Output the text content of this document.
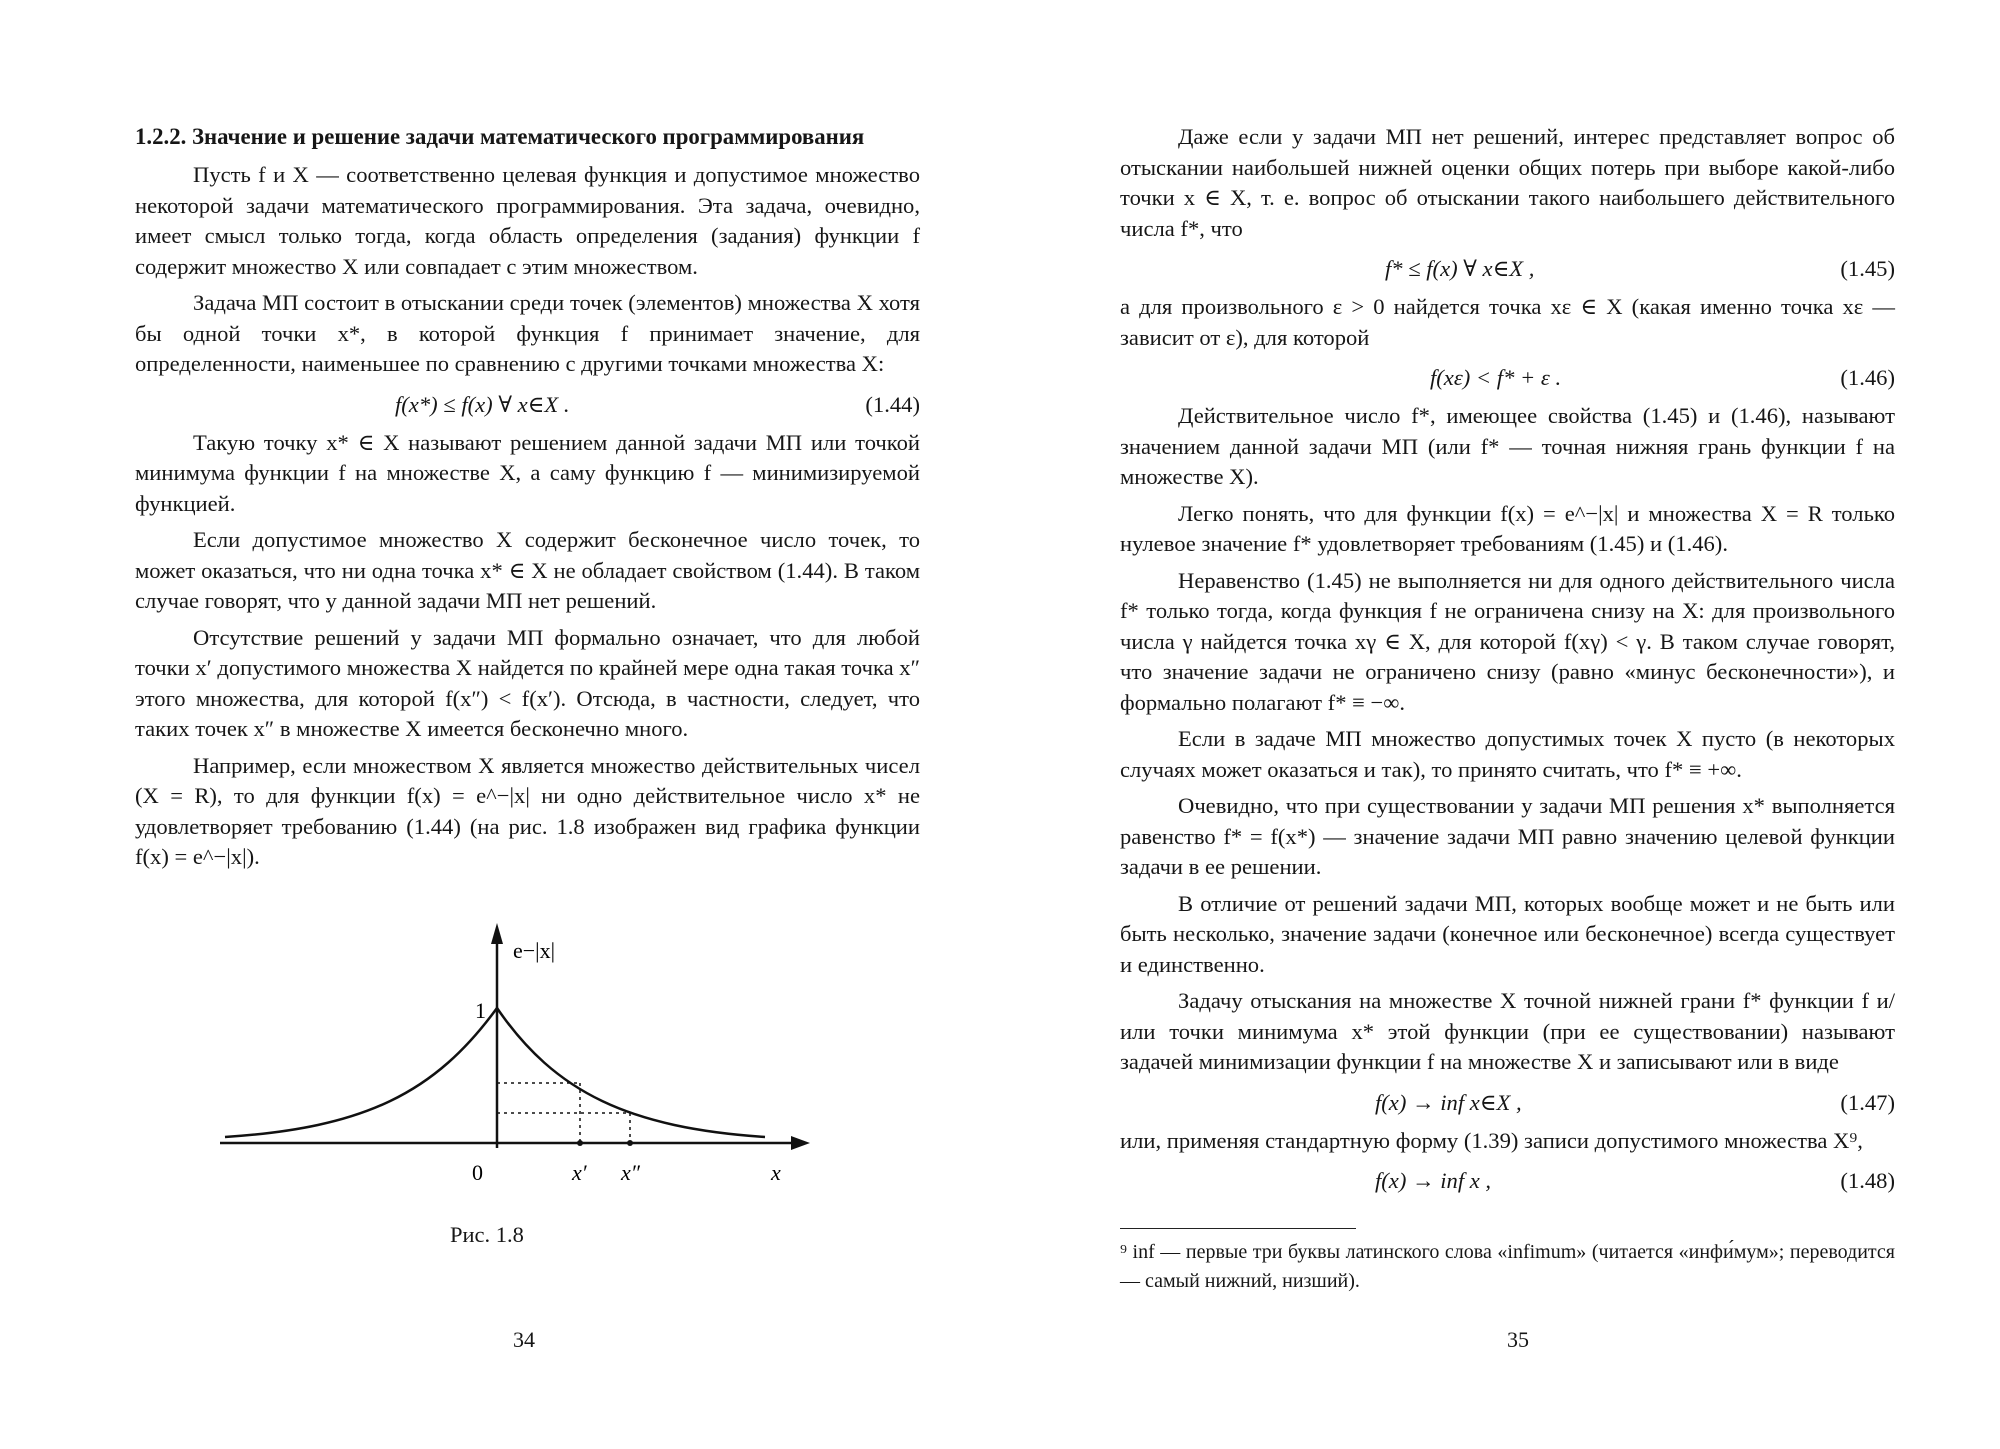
1.2.2. Значение и решение задачи математического программирования

Пусть f и X — соответственно целевая функция и допустимое множество некоторой задачи математического программирования. Эта задача, очевидно, имеет смысл только тогда, когда область определения (задания) функции f содержит множество X или совпадает с этим множеством.

Задача МП состоит в отыскании среди точек (элементов) множества X хотя бы одной точки x*, в которой функция f принимает значение, для определенности, наименьшее по сравнению с другими точками множества X:

f(x*) ≤ f(x) ∀ x∈X .	(1.44)

Такую точку x* ∈ X называют решением данной задачи МП или точкой минимума функции f на множестве X, а саму функцию f — минимизируемой функцией.

Если допустимое множество X содержит бесконечное число точек, то может оказаться, что ни одна точка x* ∈ X не обладает свойством (1.44). В таком случае говорят, что у данной задачи МП нет решений.

Отсутствие решений у задачи МП формально означает, что для любой точки x′ допустимого множества X найдется по крайней мере одна такая точка x″ этого множества, для которой f(x″) < f(x′). Отсюда, в частности, следует, что таких точек x″ в множестве X имеется бесконечно много.

Например, если множеством X является множество действительных чисел (X = R), то для функции f(x) = e^−|x| ни одно действительное число x* не удовлетворяет требованию (1.44) (на рис. 1.8 изображен вид графика функции f(x) = e^−|x|).

e−|x|
1
0	x′ x″	x
Рис. 1.8
34

Даже если у задачи МП нет решений, интерес представляет вопрос об отыскании наибольшей нижней оценки общих потерь при выборе какой-либо точки x ∈ X, т. е. вопрос об отыскании такого наибольшего действительного числа f*, что

f* ≤ f(x) ∀ x∈X ,	(1.45)

а для произвольного ε > 0 найдется точка xε ∈ X (какая именно точка xε — зависит от ε), для которой

f(xε) < f* + ε .	(1.46)

Действительное число f*, имеющее свойства (1.45) и (1.46), называют значением данной задачи МП (или f* — точная нижняя грань функции f на множестве X).

Легко понять, что для функции f(x) = e^−|x| и множества X = R только нулевое значение f* удовлетворяет требованиям (1.45) и (1.46).

Неравенство (1.45) не выполняется ни для одного действительного числа f* только тогда, когда функция f не ограничена снизу на X: для произвольного числа γ найдется точка xγ ∈ X, для которой f(xγ) < γ. В таком случае говорят, что значение задачи не ограничено снизу (равно «минус бесконечности»), и формально полагают f* ≡ −∞.

Если в задаче МП множество допустимых точек X пусто (в некоторых случаях может оказаться и так), то принято считать, что f* ≡ +∞.

Очевидно, что при существовании у задачи МП решения x* выполняется равенство f* = f(x*) — значение задачи МП равно значению целевой функции задачи в ее решении.

В отличие от решений задачи МП, которых вообще может и не быть или быть несколько, значение задачи (конечное или бесконечное) всегда существует и единственно.

Задачу отыскания на множестве X точной нижней грани f* функции f и/или точки минимума x* этой функции (при ее существовании) называют задачей минимизации функции f на множестве X и записывают или в виде

f(x) → inf x∈X ,	(1.47)

или, применяя стандартную форму (1.39) записи допустимого множества X⁹,

f(x) → inf x ,	(1.48)
⁹ inf — первые три буквы латинского слова «infimum» (читается «инфи́мум»; переводится — самый нижний, низший).
35
